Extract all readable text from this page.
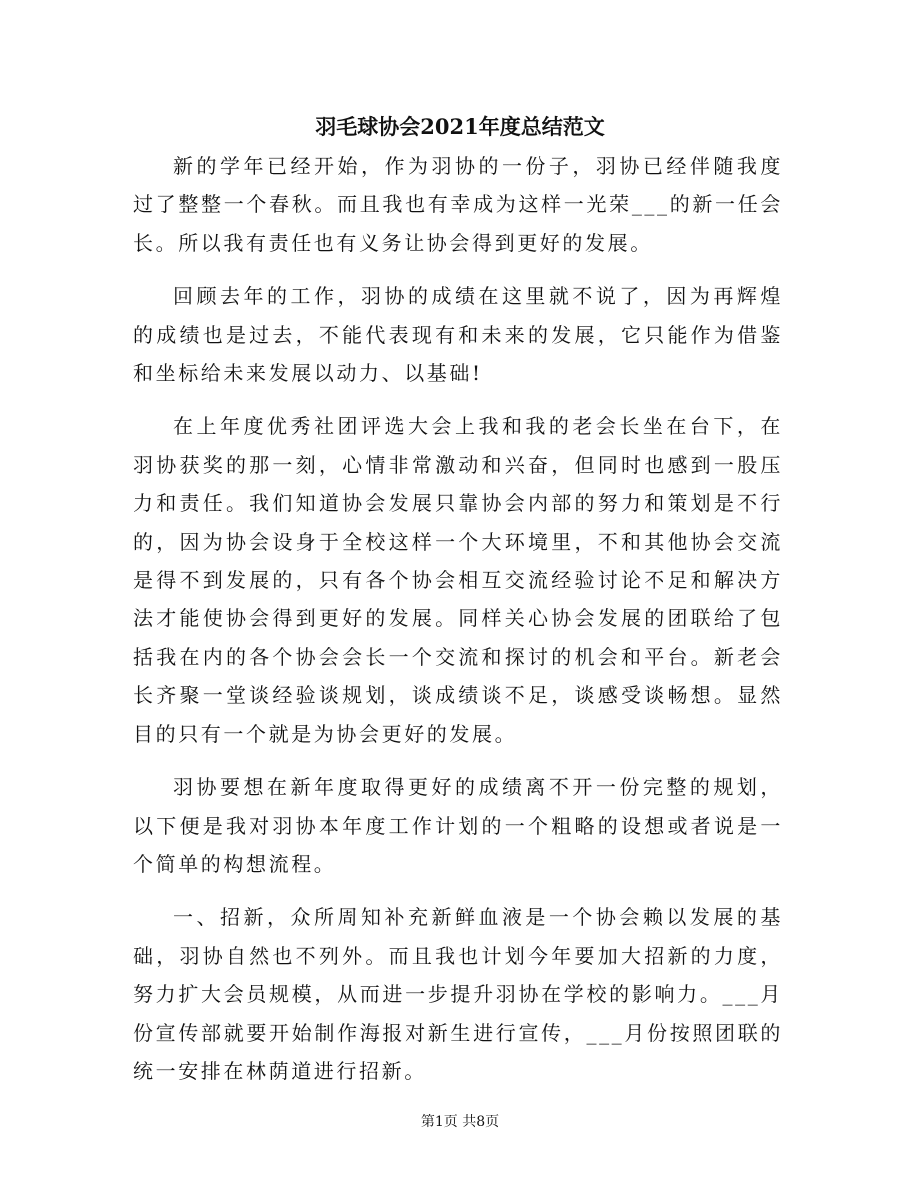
羽毛球协会2021年度总结范文

新的学年已经开始，作为羽协的一份子，羽协已经伴随我度过了整整一个春秋。而且我也有幸成为这样一光荣___的新一任会长。所以我有责任也有义务让协会得到更好的发展。

回顾去年的工作，羽协的成绩在这里就不说了，因为再辉煌的成绩也是过去，不能代表现有和未来的发展，它只能作为借鉴和坐标给未来发展以动力、以基础!

在上年度优秀社团评选大会上我和我的老会长坐在台下，在羽协获奖的那一刻，心情非常激动和兴奋，但同时也感到一股压力和责任。我们知道协会发展只靠协会内部的努力和策划是不行的，因为协会设身于全校这样一个大环境里，不和其他协会交流是得不到发展的，只有各个协会相互交流经验讨论不足和解决方法才能使协会得到更好的发展。同样关心协会发展的团联给了包括我在内的各个协会会长一个交流和探讨的机会和平台。新老会长齐聚一堂谈经验谈规划，谈成绩谈不足，谈感受谈畅想。显然目的只有一个就是为协会更好的发展。

羽协要想在新年度取得更好的成绩离不开一份完整的规划，以下便是我对羽协本年度工作计划的一个粗略的设想或者说是一个简单的构想流程。

一、招新，众所周知补充新鲜血液是一个协会赖以发展的基础，羽协自然也不列外。而且我也计划今年要加大招新的力度，努力扩大会员规模，从而进一步提升羽协在学校的影响力。___月份宣传部就要开始制作海报对新生进行宣传，___月份按照团联的统一安排在林荫道进行招新。

第1页 共8页
